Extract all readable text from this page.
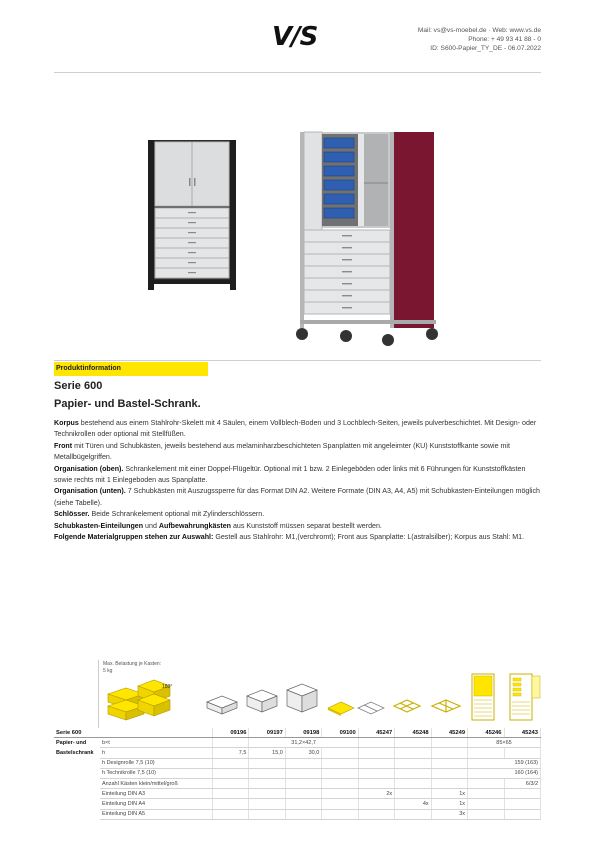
V/S	Mail: vs@vs-moebel.de · Web: www.vs.de
Phone: + 49 93 41 88 - 0
ID: S600-Papier_TY_DE - 06.07.2022
Produktinformation
Serie 600
Papier- und Bastel-Schrank.

Korpus bestehend aus einem Stahlrohr-Skelett mit 4 Säulen, einem Vollblech-Boden und 3 Lochblech-Seiten, jeweils pulverbeschichtet. Mit Design- oder Technikrollen oder optional mit Stellfüßen.

Front mit Türen und Schubkästen, jeweils bestehend aus melaminharzbeschichteten Spanplatten mit angeleimter (KU) Kunststoffkante sowie mit Metallbügelgriffen.

Organisation (oben). Schrankelement mit einer Doppel-Flügeltür. Optional mit 1 bzw. 2 Einlegeböden oder links mit 6 Führungen für Kunststoffkästen sowie rechts mit 1 Einlegeboden aus Spanplatte.

Organisation (unten). 7 Schubkästen mit Auszugssperre für das Format DIN A2. Weitere Formate (DIN A3, A4, A5) mit Schubkasten-Einteilungen möglich (siehe Tabelle).

Schlösser. Beide Schrankelement optional mit Zylinderschlössern.

Schubkasten-Einteilungen und Aufbewahrungkästen aus Kunststoff müssen separat bestellt werden.

Folgende Materialgruppen stehen zur Auswahl: Gestell aus Stahlrohr: M1,(verchromt); Front aus Spanplatte: L(astralsilber); Korpus aus Stahl: M1.

Max. Belastung je Kasten:
5 kg
180°
Serie 600		09196	09197	09198	09100	45247	45248	45249	45246	45243
Papier- und	b×t		31,2×42,7						85×65	
Bastelschrank	h	7,5	15,0	30,0						
	h Designrolle 7,5 (10)								159 (163)	
	h Technikrolle 7,5 (10)								160 (164)	
	Anzahl Kästen klein/mittel/groß									6/3/2
	Einteilung DIN A3					2x		1x		
	Einteilung DIN A4						4x	1x		
	Einteilung DIN A5							3x		
